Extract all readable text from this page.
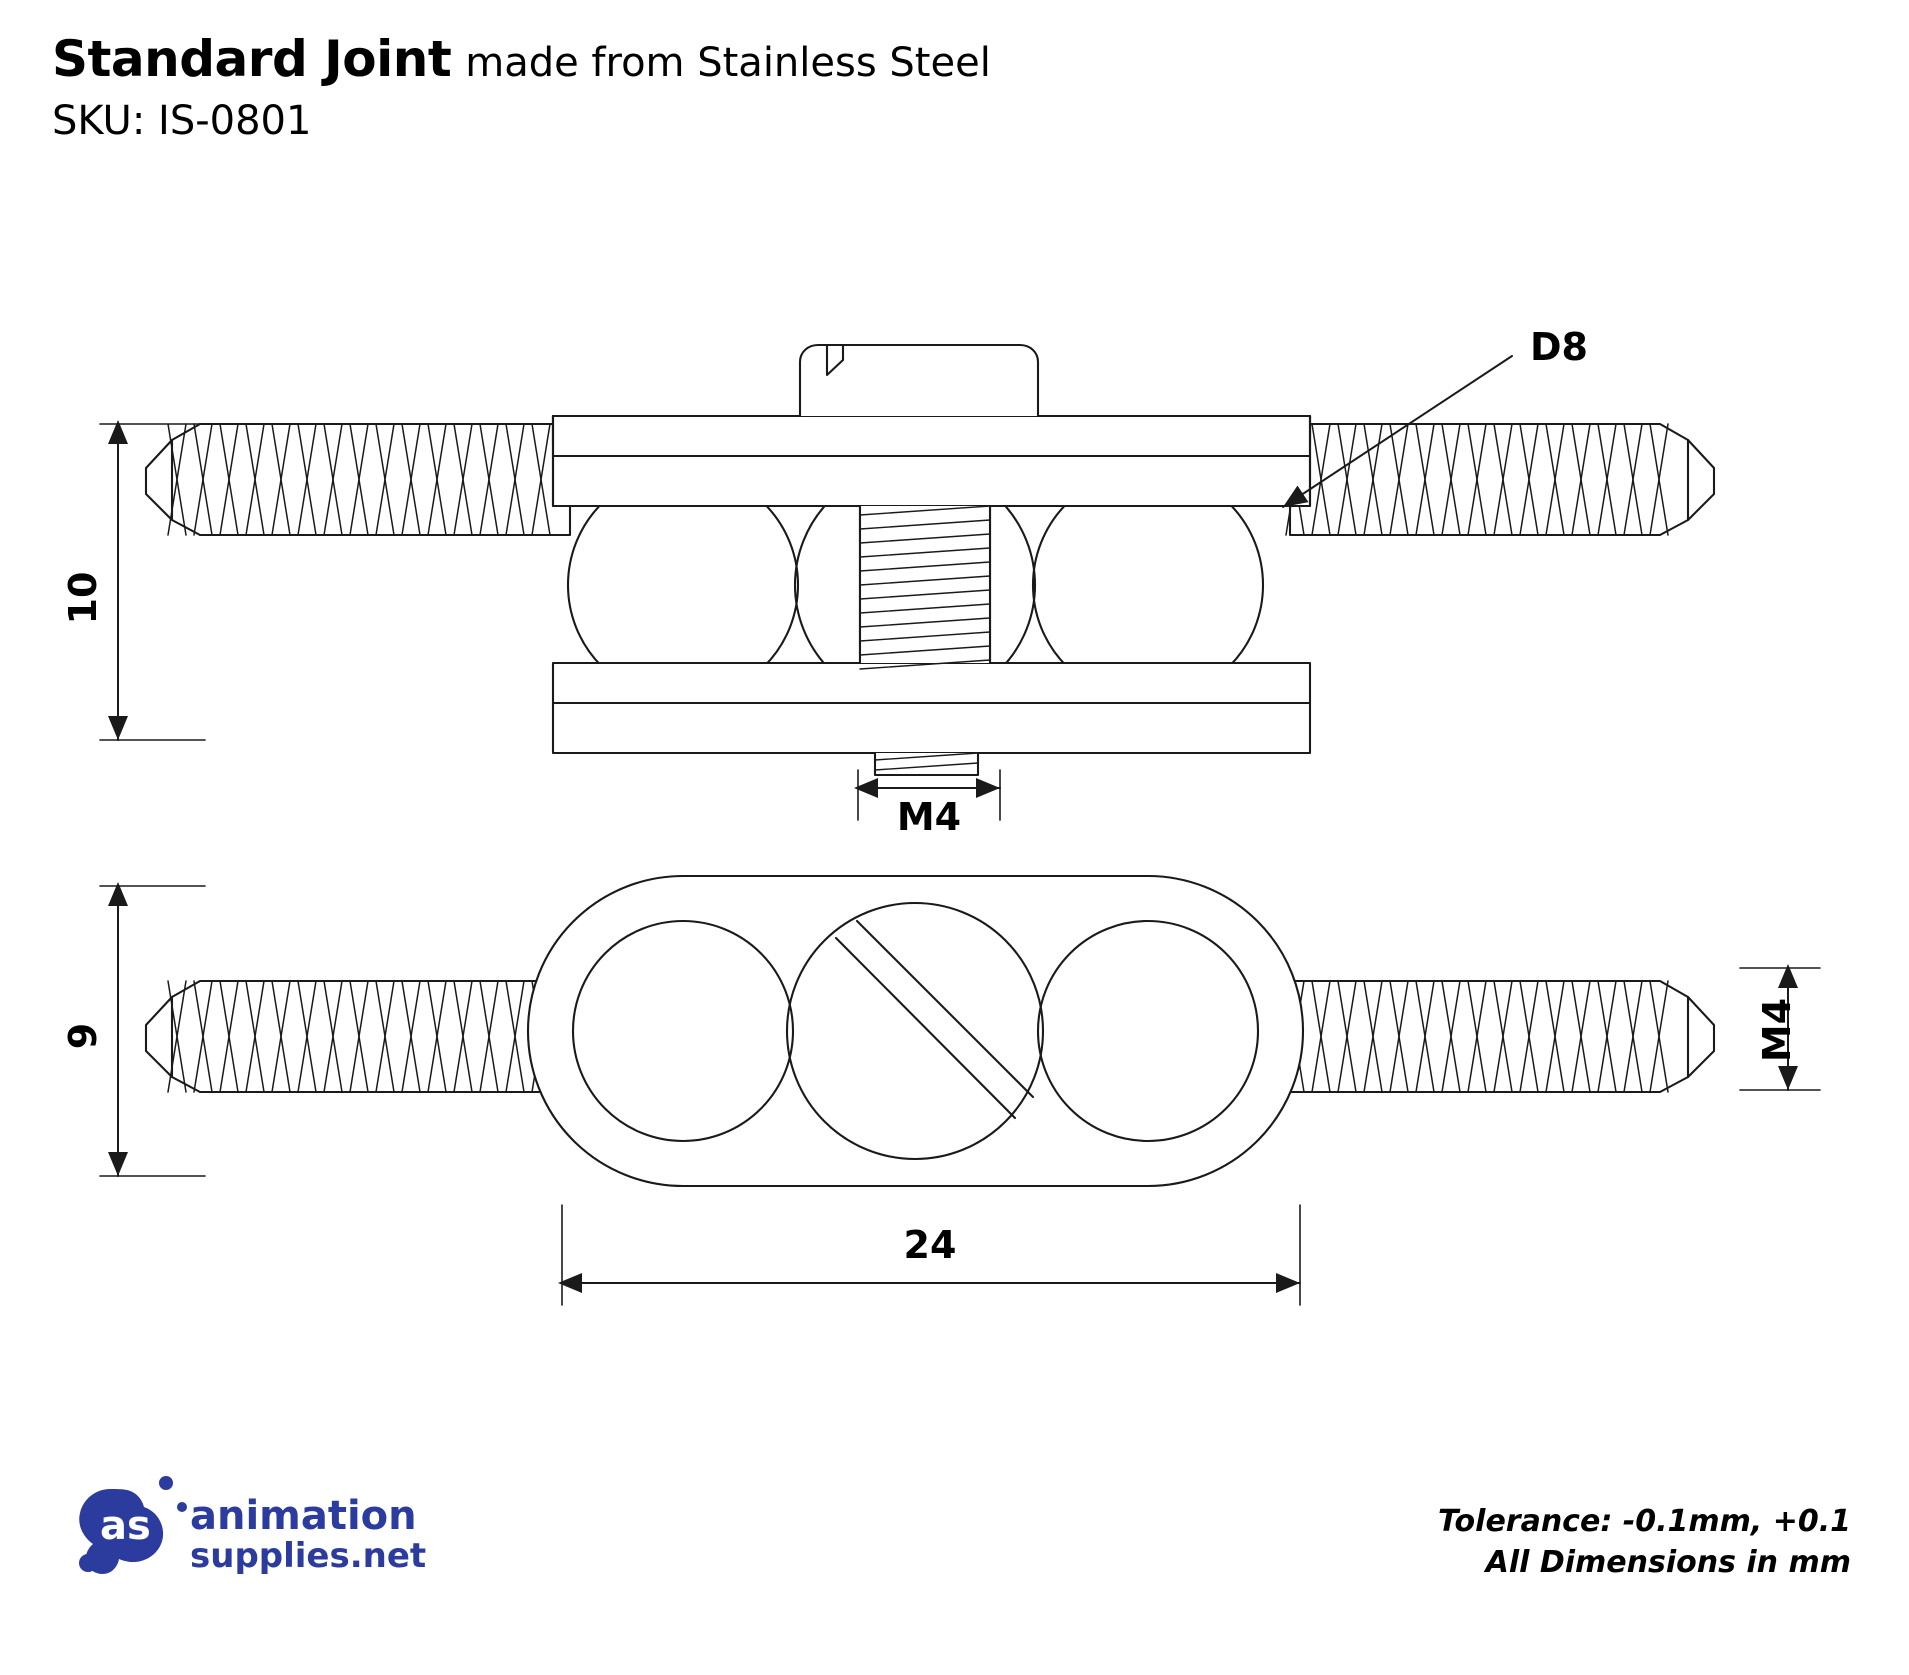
Standard Joint made from Stainless Steel
SKU: IS-0801
10
9
24
M4
M4
D8
as animation
supplies.net
Tolerance: -0.1mm, +0.1
All Dimensions in mm
